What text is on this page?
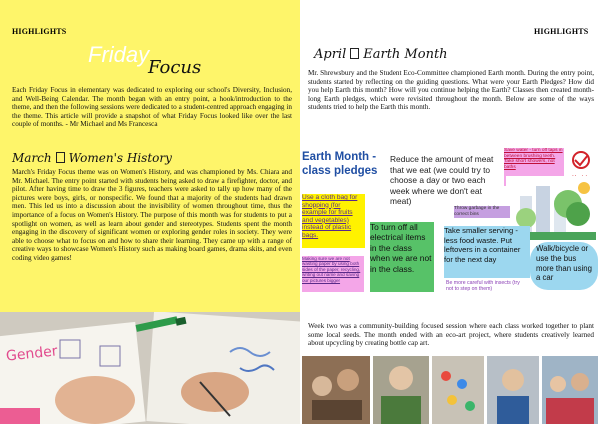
HIGHLIGHTS
Friday
Focus
Each Friday Focus in elementary was dedicated to exploring our school's Diversity, Inclusion, and Well-Being Calendar. The month began with an entry point, a hook/introduction to the theme, and then the following sessions were dedicated to a student-centred approach engaging in the theme. This article will provide a snapshot of what Friday Focus looked like over the last couple of months. - Mr Michael and Ms Francesca
March Women's History
March's Friday Focus theme was on Women's History, and was championed by Ms. Chiara and Mr. Michael. The entry point started with students being asked to draw a firefighter, doctor, and pilot. After having time to draw the 3 figures, teachers were asked to tally up how many of the pictures were boys, girls, or nonspecific. We found that a majority of the students had drawn men. This led us into a discussion about the invisibility of women throughout time, thus the importance of a focus on Women's History. The purpose of this month was for students to put a spotlight on women, as well as learn about gender and stereotypes. Students spent the month engaging in the discovery of significant women or exploring gender roles in society. They were able to choose what to focus on and how to share their learning. They came up with a range of creative ways to showcase Women's History such as making board games, drama skits, and even coding video games!
Gender
HIGHLIGHTS
April Earth Month
Mr. Shrewsbury and the Student Eco-Committee championed Earth month. During the entry point, students started by reflecting on the guiding questions. What were your Earth Pledges? How did you help Earth this month? How will you continue helping the Earth? Classes then created month-long Earth pledges, which were revisited throughout the month. Below are some of the ways students tried to help the Earth this month.
Earth Month - class pledges
Use a cloth bag for shopping (for example for fruits and vegetables) instead of plastic bags.
Making sure we are not wasting paper by using both sides of the paper, recycling, writing out name and saving our pictures bigger
Reduce the amount of meat that we eat (we could try to choose a day or two each week where we don't eat meat)
Save water - turn off taps in between brushing teeth. Take short showers, not baths
Throw garbage in the correct bins
To turn off all electrical items in the class when we are not in the class.
Take smaller serving - less food waste. Put leftovers in a container for the next day
Be more careful with insects (try not to step on them)
Walk/bicycle or use the bus more than using a car
Week two was a community-building focused session where each class worked together to plant some local seeds. The month ended with an eco-art project, where students creatively learned about upcycling by creating bottle cap art.
